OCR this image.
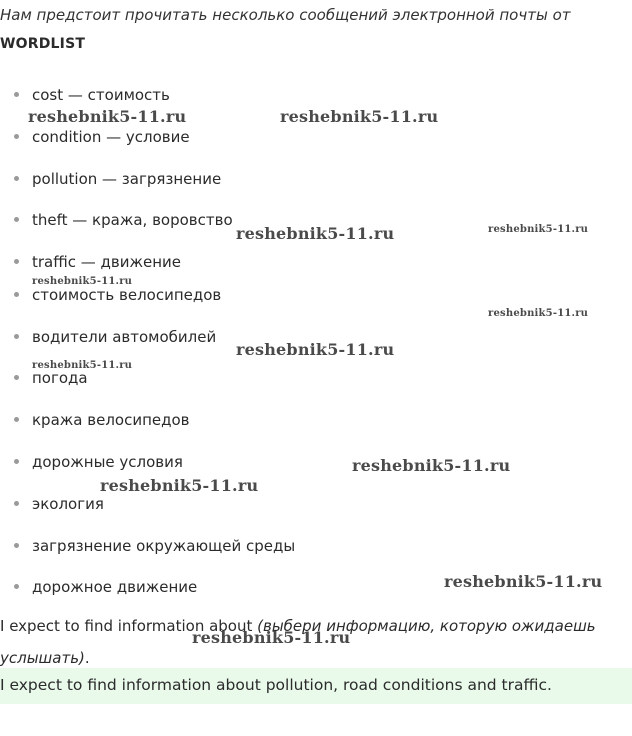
Нам предстоит прочитать несколько сообщений электронной почты от
WORDLIST
cost — стоимость
condition — условие
pollution — загрязнение
theft — кража, воровство
traffic — движение
стоимость велосипедов
водители автомобилей
погода
кража велосипедов
дорожные условия
экология
загрязнение окружающей среды
дорожное движение
I expect to find information about (выбери информацию, которую ожидаешь услышать).
I expect to find information about pollution, road conditions and traffic.
reshebnik5-11.ru	reshebnik5-11.ru
reshebnik5-11.ru	reshebnik5-11.ru
reshebnik5-11.ru
reshebnik5-11.ru
reshebnik5-11.ru
reshebnik5-11.ru
reshebnik5-11.ru
reshebnik5-11.ru
reshebnik5-11.ru
reshebnik5-11.ru
